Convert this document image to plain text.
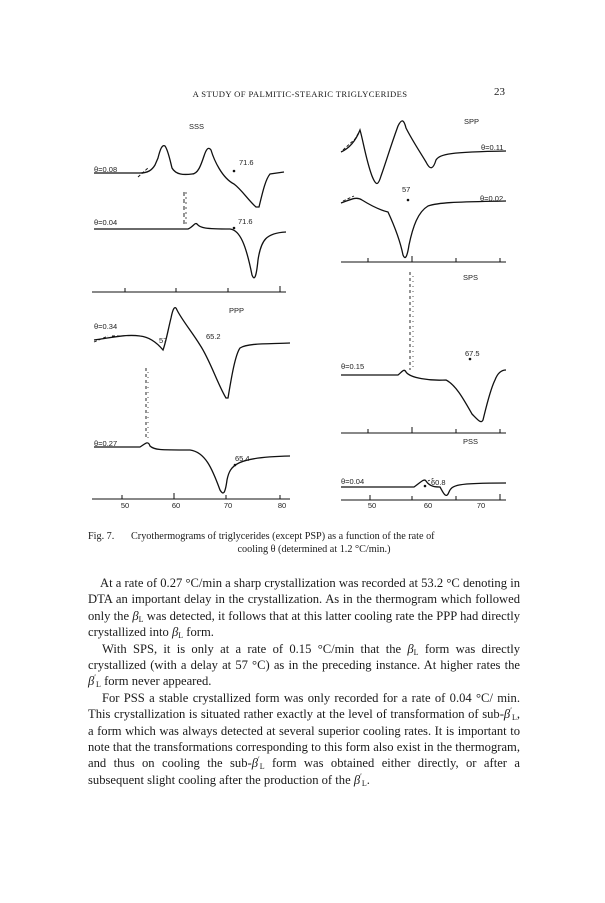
A STUDY OF PALMITIC-STEARIC TRIGLYCERIDES	23
SSS
SPP
PPP
SPS
PSS
θ=0.08
θ=0.04
θ=0.11
θ=0.02
θ=0.34
θ=0.27
θ=0.15
θ=0.04
71.6
71.6
57
57	65.2
65.4
67.5
60.8
50	60	70	80	50	60	70
Fig. 7. Cryothermograms of triglycerides (except PSP) as a function of the rate of
cooling θ (determined at 1.2 °C/min.)

At a rate of 0.27 °C/min a sharp crystallization was recorded at 53.2 °C denoting in DTA an important delay in the crystallization. As in the thermogram which followed only the $\beta_L$ was detected, it follows that at this latter cooling rate the PPP had directly crystallized into $\beta_L$ form.

With SPS, it is only at a rate of 0.15 °C/min that the $\beta_L$ form was directly crystallized (with a delay at 57 °C) as in the preceding instance. At higher rates the $\beta'_L$ form never appeared.

For PSS a stable crystallized form was only recorded for a rate of 0.04 °C/ min. This crystallization is situated rather exactly at the level of transformation of sub-$\beta'_L$, a form which was always detected at several superior cooling rates. It is important to note that the transformations corresponding to this form also exist in the thermogram, and thus on cooling the sub-$\beta'_L$ form was obtained either directly, or after a subsequent slight cooling after the production of the $\beta'_L$.
